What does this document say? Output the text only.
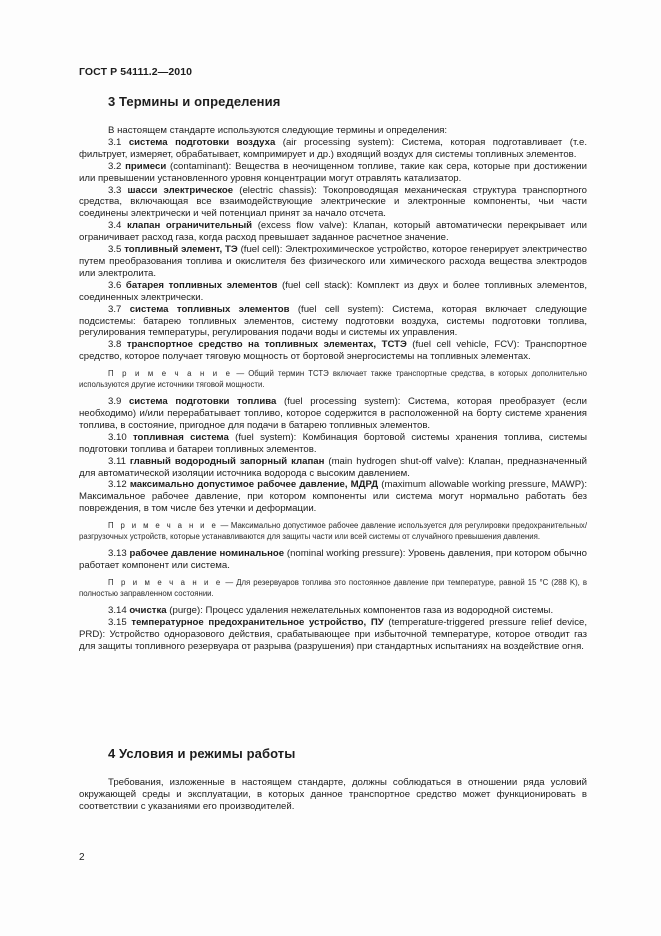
ГОСТ Р 54111.2—2010
3 Термины и определения

В настоящем стандарте используются следующие термины и определения:

3.1 система подготовки воздуха (air processing system): Система, которая подготавливает (т.е. фильтрует, измеряет, обрабатывает, компримирует и др.) входящий воздух для системы топливных элементов.

3.2 примеси (contaminant): Вещества в неочищенном топливе, такие как сера, которые при достижении или превышении установленного уровня концентрации могут отравлять катализатор.

3.3 шасси электрическое (electric chassis): Токопроводящая механическая структура транспортного средства, включающая все взаимодействующие электрические и электронные компоненты, чьи части соединены электрически и чей потенциал принят за начало отсчета.

3.4 клапан ограничительный (excess flow valve): Клапан, который автоматически перекрывает или ограничивает расход газа, когда расход превышает заданное расчетное значение.

3.5 топливный элемент, ТЭ (fuel cell): Электрохимическое устройство, которое генерирует электричество путем преобразования топлива и окислителя без физического или химического расхода вещества электродов или электролита.

3.6 батарея топливных элементов (fuel cell stack): Комплект из двух и более топливных элементов, соединенных электрически.

3.7 система топливных элементов (fuel cell system): Система, которая включает следующие подсистемы: батарею топливных элементов, систему подготовки воздуха, системы подготовки топлива, регулирования температуры, регулирования подачи воды и системы их управления.

3.8 транспортное средство на топливных элементах, ТСТЭ (fuel cell vehicle, FCV): Транспортное средство, которое получает тяговую мощность от бортовой энергосистемы на топливных элементах.

П р и м е ч а н и е — Общий термин ТСТЭ включает также транспортные средства, в которых дополнительно используются другие источники тяговой мощности.

3.9 система подготовки топлива (fuel processing system): Система, которая преобразует (если необходимо) и/или перерабатывает топливо, которое содержится в расположенной на борту системе хранения топлива, в состояние, пригодное для подачи в батарею топливных элементов.

3.10 топливная система (fuel system): Комбинация бортовой системы хранения топлива, системы подготовки топлива и батареи топливных элементов.

3.11 главный водородный запорный клапан (main hydrogen shut-off valve): Клапан, предназначенный для автоматической изоляции источника водорода с высоким давлением.

3.12 максимально допустимое рабочее давление, МДРД (maximum allowable working pressure, MAWP): Максимальное рабочее давление, при котором компоненты или система могут нормально работать без повреждения, в том числе без утечки и деформации.

П р и м е ч а н и е — Максимально допустимое рабочее давление используется для регулировки предохранительных/разгрузочных устройств, которые устанавливаются для защиты части или всей системы от случайного превышения давления.

3.13 рабочее давление номинальное (nominal working pressure): Уровень давления, при котором обычно работает компонент или система.

П р и м е ч а н и е — Для резервуаров топлива это постоянное давление при температуре, равной 15 °C (288 K), в полностью заправленном состоянии.

3.14 очистка (purge): Процесс удаления нежелательных компонентов газа из водородной системы.

3.15 температурное предохранительное устройство, ПУ (temperature-triggered pressure relief device, PRD): Устройство одноразового действия, срабатывающее при избыточной температуре, которое отводит газ для защиты топливного резервуара от разрыва (разрушения) при стандартных испытаниях на воздействие огня.

4 Условия и режимы работы

Требования, изложенные в настоящем стандарте, должны соблюдаться в отношении ряда условий окружающей среды и эксплуатации, в которых данное транспортное средство может функционировать в соответствии с указаниями его производителей.

2
